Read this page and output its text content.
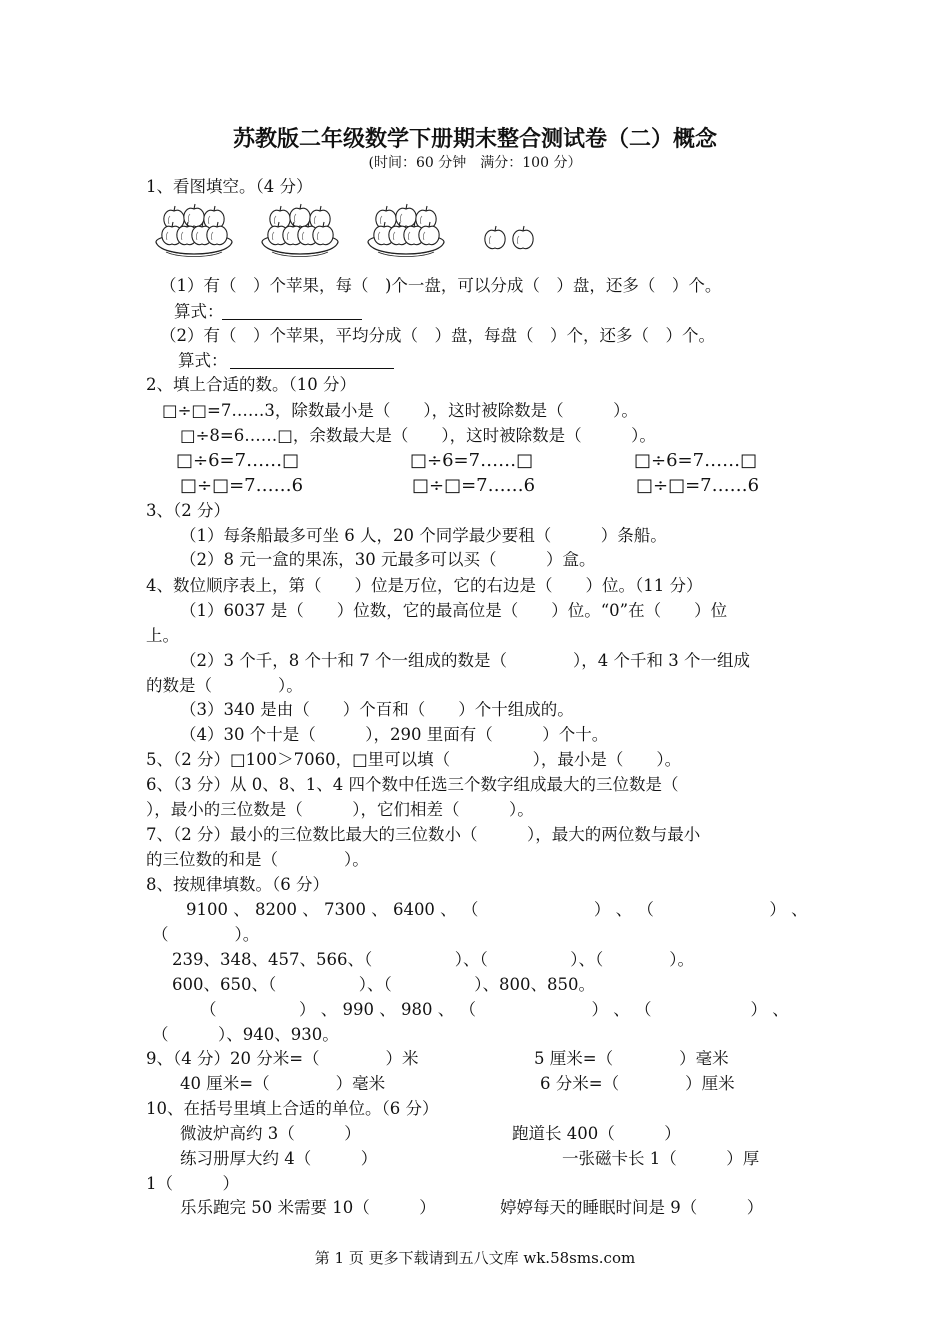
苏教版二年级数学下册期末整合测试卷（二）概念
(时间：60 分钟　满分：100 分）
1、看图填空。（4 分）
（1）有（　）个苹果，每（　)个一盘，可以分成（　）盘，还多（　）个。
算式：
（2）有（　）个苹果，平均分成（　）盘，每盘（　）个，还多（　）个。
算式：
2、填上合适的数。（10 分）
□÷□=7……3，除数最小是（　　），这时被除数是（　　　）。
□÷8=6……□，余数最大是（　　），这时被除数是（　　　）。
□÷6=7……□	□÷6=7……□	□÷6=7……□
□÷□=7……6	□÷□=7……6	□÷□=7……6
3、（2 分）
（1）每条船最多可坐 6 人，20 个同学最少要租（　　　）条船。
（2）8 元一盒的果冻，30 元最多可以买（　　　）盒。
4、数位顺序表上，第（　　）位是万位，它的右边是（　　）位。（11 分）
（1）6037 是（　　）位数，它的最高位是（　　）位。“0”在（　　）位
上。
（2）3 个千，8 个十和 7 个一组成的数是（　　　　），4 个千和 3 个一组成
的数是（　　　　）。
（3）340 是由（　　）个百和（　　）个十组成的。
（4）30 个十是（　　　），290 里面有（　　　）个十。
5、（2 分）□100＞7060，□里可以填（　　　　　），最小是（　　）。
6、（3 分）从 0、8、1、4 四个数中任选三个数字组成最大的三位数是（
），最小的三位数是（　　　），它们相差（　　　）。
7、（2 分）最小的三位数比最大的三位数小（　　　），最大的两位数与最小
的三位数的和是（　　　　）。
8、按规律填数。（6 分）
9100 、 8200 、 7300 、 6400 、 （　　　　　　　） 、 （　　　　　　　） 、
（　　　　）。
239、348、457、566、（　　　　　）、（　　　　　）、（　　　　）。
600、650、（　　　　　）、（　　　　　）、800、850。
（　　　　　） 、 990 、 980 、 （　　　　　　　） 、 （　　　　　　） 、
（　　　）、940、930。
9、（4 分）20 分米=（　　　　）米	5 厘米=（　　　　）毫米
40 厘米=（　　　　）毫米	6 分米=（　　　　）厘米
10、在括号里填上合适的单位。（6 分）
微波炉高约 3（　　　）	跑道长 400（　　　）
练习册厚大约 4（　　　）	一张磁卡长 1（　　　）厚
1（　　　）
乐乐跑完 50 米需要 10（　　　）	婷婷每天的睡眠时间是 9（　　　）
第 1 页 更多下载请到五八文库 wk.58sms.com
